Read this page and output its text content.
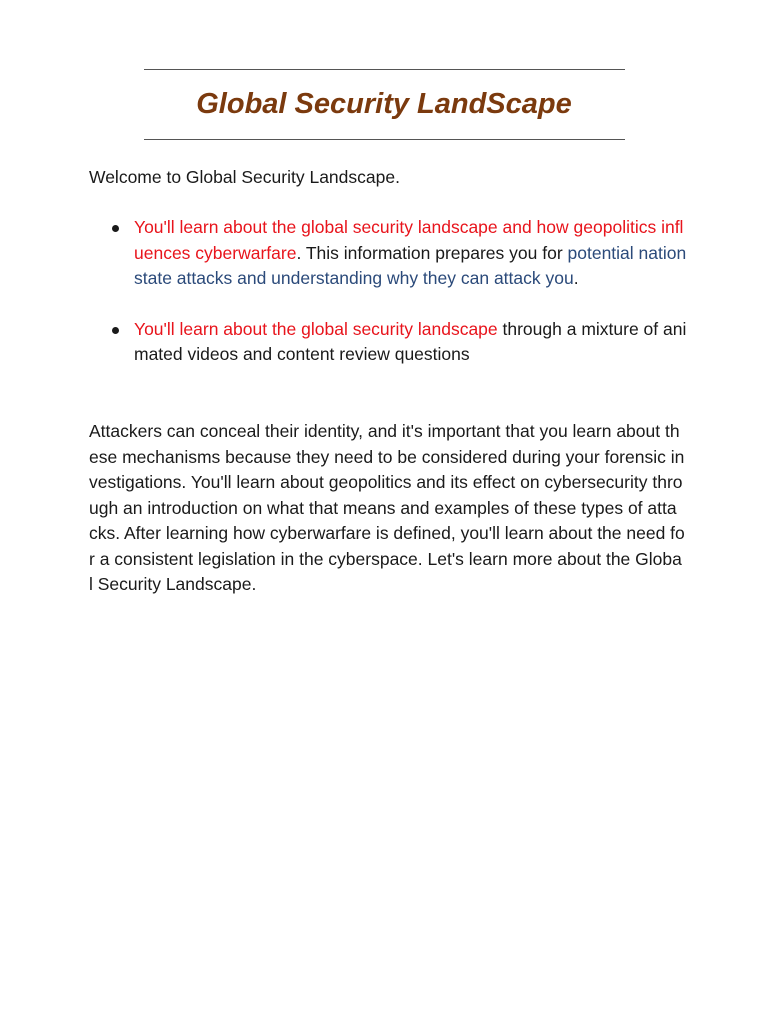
Global Security LandScape

Welcome to Global Security Landscape.

You'll learn about the global security landscape and how geopolitics influences cyberwarfare. This information prepares you for potential nation state attacks and understanding why they can attack you.
You'll learn about the global security landscape through a mixture of animated videos and content review questions

Attackers can conceal their identity, and it's important that you learn about these mechanisms because they need to be considered during your forensic investigations. You'll learn about geopolitics and its effect on cybersecurity through an introduction on what that means and examples of these types of attacks. After learning how cyberwarfare is defined, you'll learn about the need for a consistent legislation in the cyberspace. Let's learn more about the Global Security Landscape.
